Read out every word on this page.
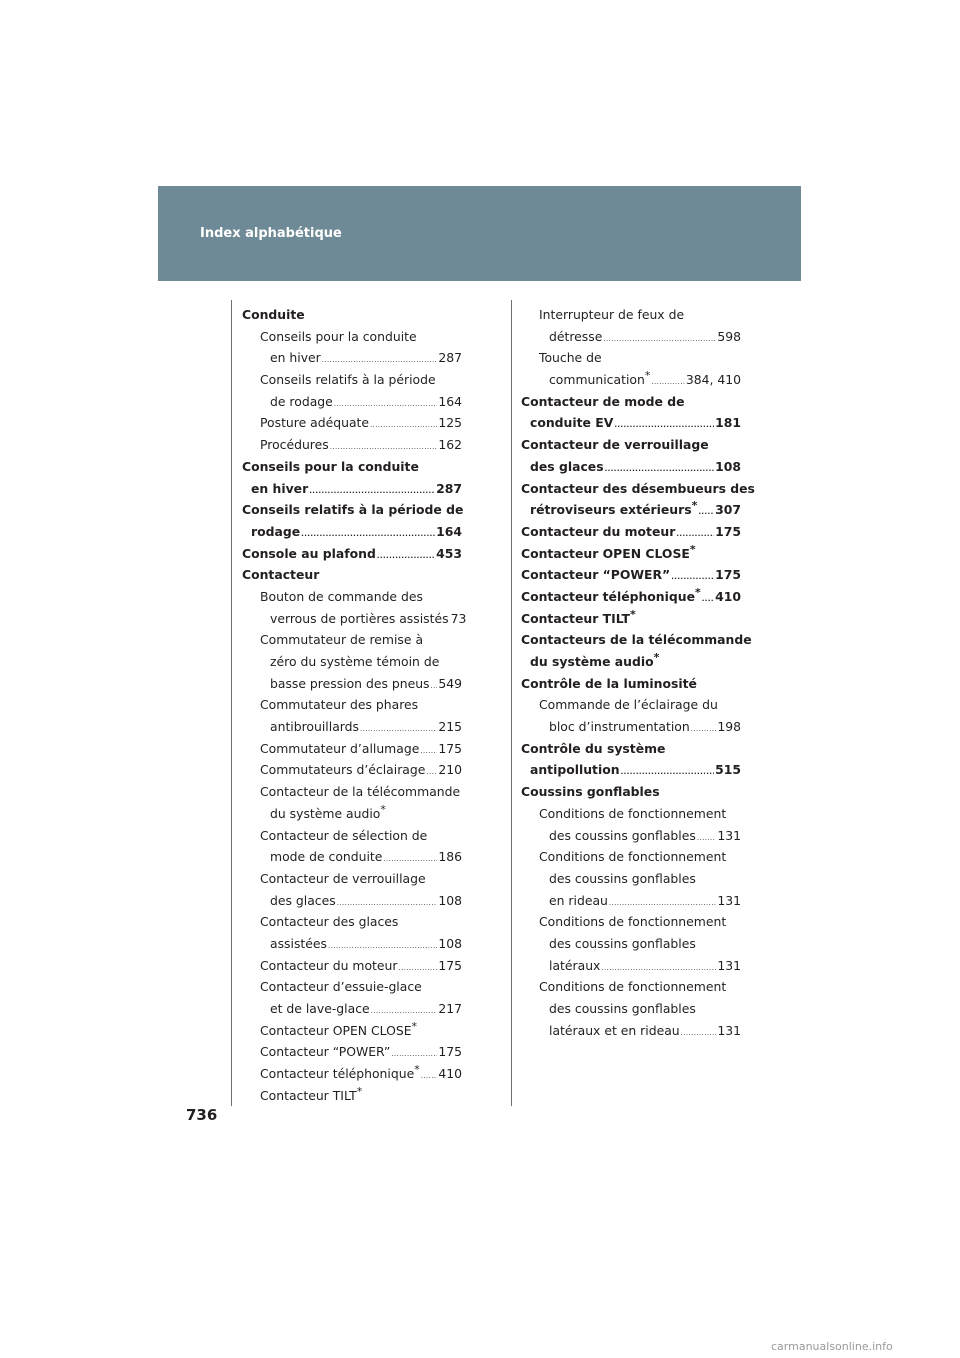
Index alphabétique
Conduite
Conseils pour la conduite
en hiver .....	287
Conseils relatifs à la période
de rodage .....	164
Posture adéquate .....	125
Procédures .....	162
Conseils pour la conduite
en hiver .....	287
Conseils relatifs à la période de
rodage .....	164
Console au plafond .....	453
Contacteur
Bouton de commande des
verrous de portières assistés 73
Commutateur de remise à
zéro du système témoin de
basse pression des pneus ..... 549
Commutateur des phares
antibrouillards .....	215
Commutateur d’allumage ..... 175
Commutateurs d’éclairage ..... 210
Contacteur de la télécommande
du système audio*
Contacteur de sélection de
mode de conduite .....	186
Contacteur de verrouillage
des glaces .....	108
Contacteur des glaces
assistées .....	108
Contacteur du moteur .....	175
Contacteur d’essuie-glace
et de lave-glace .....	217
Contacteur OPEN CLOSE*
Contacteur “POWER” .....	175
Contacteur téléphonique* ..... 410
Contacteur TILT*
Interrupteur de feux de
détresse .....	598
Touche de
communication* .....	384, 410
Contacteur de mode de
conduite EV .....	181
Contacteur de verrouillage
des glaces .....	108
Contacteur des désembueurs des
rétroviseurs extérieurs* ..... 307
Contacteur du moteur .....	175
Contacteur OPEN CLOSE*
Contacteur “POWER” .....	175
Contacteur téléphonique* ..... 410
Contacteur TILT*
Contacteurs de la télécommande
du système audio*
Contrôle de la luminosité
Commande de l’éclairage du
bloc d’instrumentation ..... 198
Contrôle du système
antipollution .....	515
Coussins gonflables
Conditions de fonctionnement
des coussins gonflables ..... 131
Conditions de fonctionnement
des coussins gonflables
en rideau .....	131
Conditions de fonctionnement
des coussins gonflables
latéraux .....	131
Conditions de fonctionnement
des coussins gonflables
latéraux et en rideau .....	131
736
carmanualsonline.info
